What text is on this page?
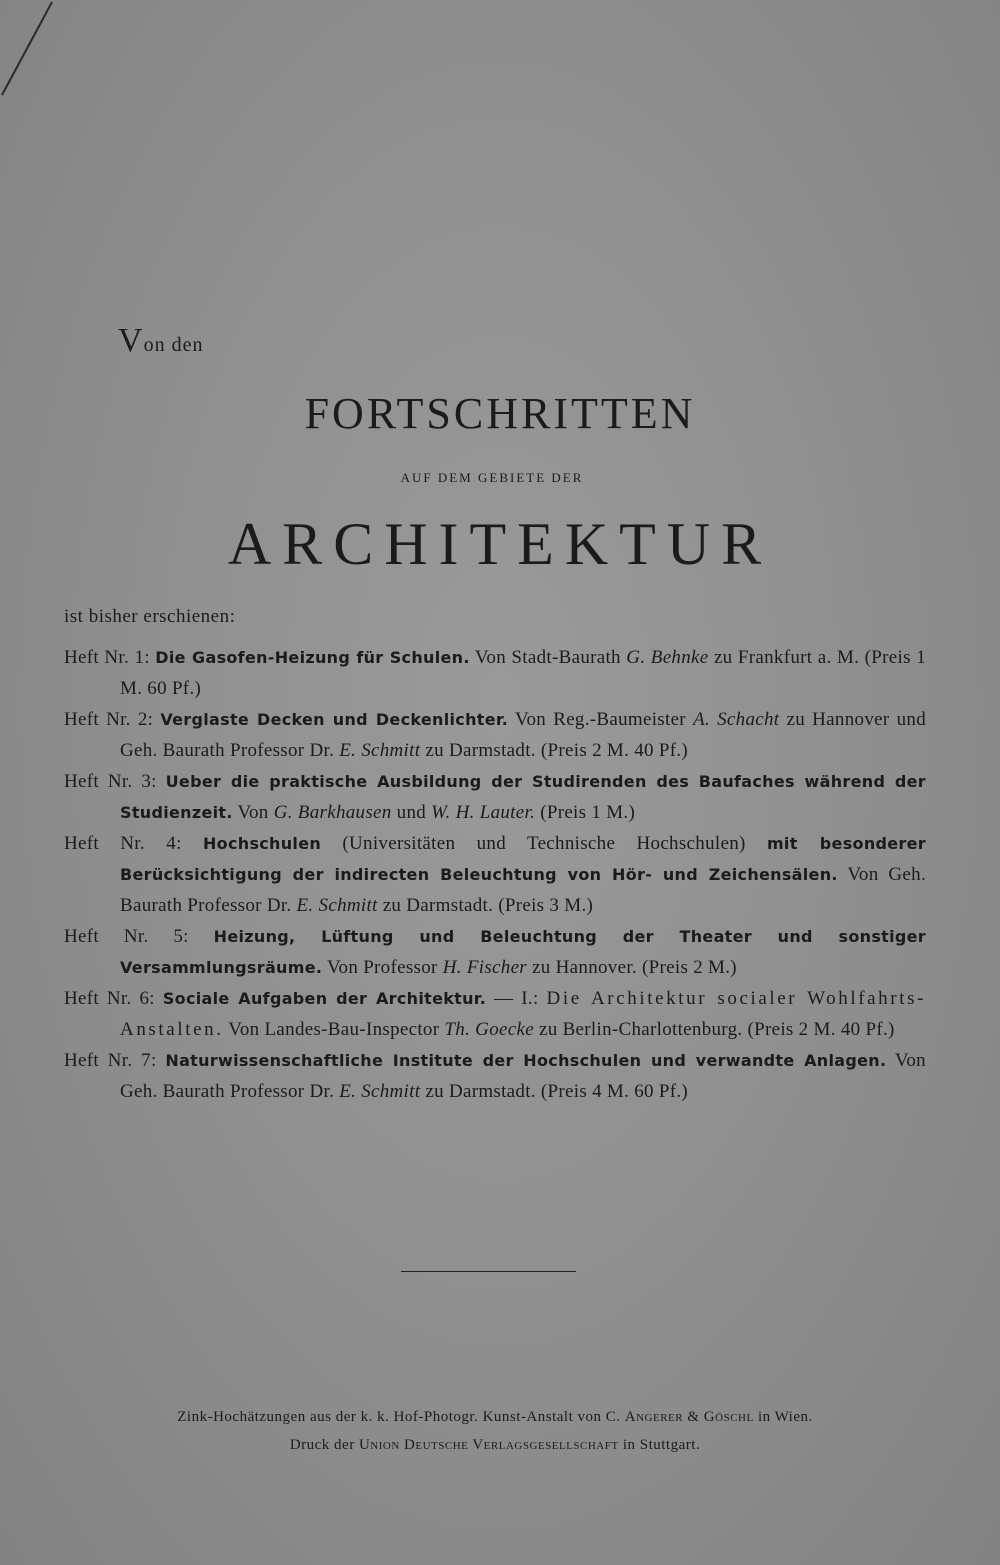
Von den
FORTSCHRITTEN
AUF DEM GEBIETE DER
ARCHITEKTUR
ist bisher erschienen:
Heft Nr. 1: Die Gasofen-Heizung für Schulen. Von Stadt-Baurath G. Behnke zu Frankfurt a. M. (Preis 1 M. 60 Pf.)
Heft Nr. 2: Verglaste Decken und Deckenlichter. Von Reg.-Baumeister A. Schacht zu Hannover und Geh. Baurath Professor Dr. E. Schmitt zu Darmstadt. (Preis 2 M. 40 Pf.)
Heft Nr. 3: Ueber die praktische Ausbildung der Studirenden des Baufaches während der Studienzeit. Von G. Barkhausen und W. H. Lauter. (Preis 1 M.)
Heft Nr. 4: Hochschulen (Universitäten und Technische Hochschulen) mit besonderer Berücksichtigung der indirecten Beleuchtung von Hör- und Zeichensälen. Von Geh. Baurath Professor Dr. E. Schmitt zu Darmstadt. (Preis 3 M.)
Heft Nr. 5: Heizung, Lüftung und Beleuchtung der Theater und sonstiger Versammlungsräume. Von Professor H. Fischer zu Hannover. (Preis 2 M.)
Heft Nr. 6: Sociale Aufgaben der Architektur. — I.: Die Architektur socialer Wohlfahrts-Anstalten. Von Landes-Bau-Inspector Th. Goecke zu Berlin-Charlottenburg. (Preis 2 M. 40 Pf.)
Heft Nr. 7: Naturwissenschaftliche Institute der Hochschulen und verwandte Anlagen. Von Geh. Baurath Professor Dr. E. Schmitt zu Darmstadt. (Preis 4 M. 60 Pf.)
Zink-Hochätzungen aus der k. k. Hof-Photogr. Kunst-Anstalt von C. Angerer & Göschl in Wien.
Druck der Union Deutsche Verlagsgesellschaft in Stuttgart.
